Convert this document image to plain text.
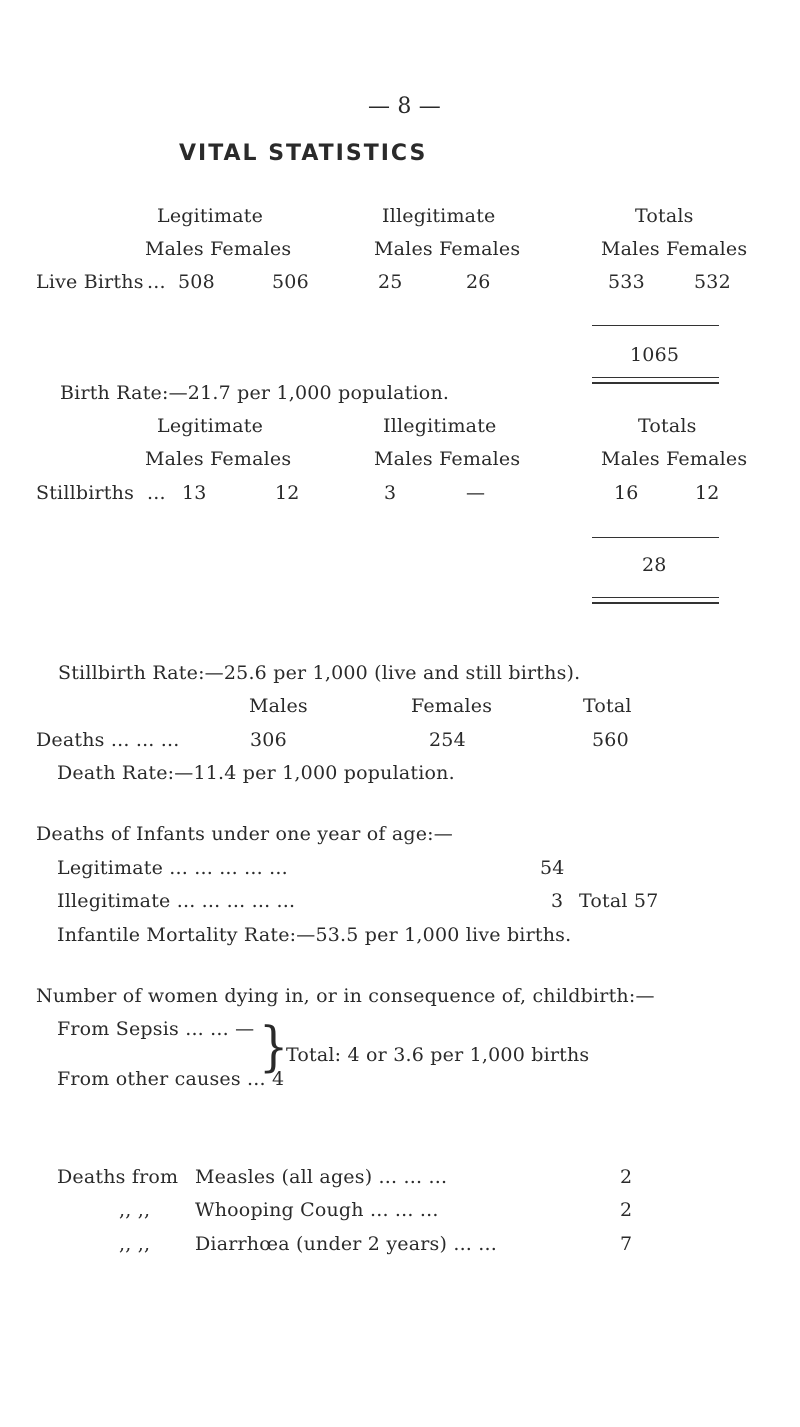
— 8 —
VITAL STATISTICS
Legitimate	Illegitimate	Totals
Males Females	Males Females	Males Females
Live Births ... 508	506	25	26	533	532
1065
Birth Rate:—21.7 per 1,000 population.
Legitimate	Illegitimate	Totals
Males Females	Males Females	Males Females
Stillbirths ... 13	12	3	—	16	12
28
Stillbirth Rate:—25.6 per 1,000 (live and still births).
Males	Females	Total
Deaths ... ... ...	306	254	560
Death Rate:—11.4 per 1,000 population.
Deaths of Infants under one year of age:—
Legitimate ... ... ... ... ...	54
Illegitimate ... ... ... ... ...	3 Total 57
Infantile Mortality Rate:—53.5 per 1,000 live births.
Number of women dying in, or in consequence of, childbirth:—
From Sepsis ... ... —
From other causes ... 4
}
Total: 4 or 3.6 per 1,000 births
Deaths from Measles (all ages) ... ... ...	2
,, ,, Whooping Cough ... ... ...	2
,, ,, Diarrhœa (under 2 years) ... ...	7
